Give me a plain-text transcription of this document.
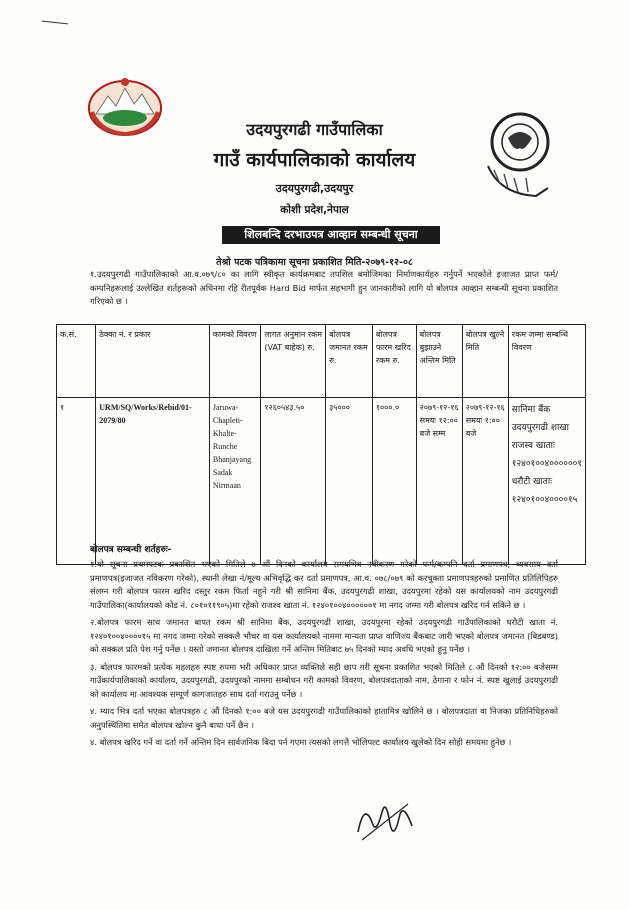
उदयपुरगढी गाउँपालिका
गाउँ कार्यपालिकाको कार्यालय
उदयपुरगढी,उदयपुर
कोशी प्रदेश,नेपाल
शिलबन्दि दरभाउपत्र आव्हान सम्बन्धी सूचना
तेश्रो पटक पत्रिकामा सूचना प्रकाशित मिति-२०७९-१२-०८
१.उदयपुरगढी गाउँपालिकाको आ.व.०७९/८० का लागि स्वीकृत कार्यक्रमबाट तपशिल बमोजिमका निर्माणकार्यहरु गर्नुपर्ने भएकोले इजाजत प्राप्त फर्म/ कम्पनिहरूलाई उल्लेखित शर्तहरूको अधिनमा रहि रीतपूर्वक Hard Bid मार्फत सहभागी हुन जानकारीको लागि यो बोलपत्र आव्हान सम्बन्धी सूचना प्रकाशित गरिएको छ ।
क.सं.	ठेक्का नं. र प्रकार	कामको विवरण	लागत अनुमान रकम (VAT बाहेक) रु.	बोलपत्र जमानत रकम रु.	बोलपत्र फारम खरिद रकम रु.	बोलपत्र बुझाउने अन्तिम मिति	बोलपत्र खुल्ने मिति	रकम जम्मा सम्बन्धि विवरण
१	URM/SQ/Works/Rebid/01-2079/80	Jaruwa-Chapleti-Khalte-Runche Bhanjayang Sadak Nirmaan	१२६०५४३.५०	३५०००	१०००.०	२०७९-१२-१६ समयः १२:०० बजे सम्म	२०७९-१२-१६ समयः १:०० बजे	सानिमा बैंक उदयपुरगढी शाखा राजस्व खाताः १२४०१००४००००००१ धरौटी खाताः १२४०१००४००००१५
बोलपत्र सम्बन्धी शर्तहरुः-

१.यो सूचना प्रथमपटक प्रकाशित भएको मितिले ७ औं दिनको कार्यालय समयभित्र नवीकरण गरेको फर्म/कम्पनि दर्ता प्रमाणपत्र, व्यवसाय दर्ता प्रमाणपत्र(इजाजत नविकरण गरेको), स्थानी लेखा नं/मूल्य अभिवृद्धि कर दर्ता प्रमाणपत्र, आ.व. ०७८/०७९ को करचुक्ता प्रमाणपत्रहरुको प्रमाणित प्रतिलिपिहरु संलग्न गरी बोलपत्र फारम खरिद दस्तुर रकम फिर्ता नहुने गरी श्री सानिमा बैंक, उदयपुरगढी शाखा, उदयपुरमा रहेको यस कार्यालयको नाम उदयपुरगढी गाउँपालिका(कार्यालयको कोड नं. ८०१०११९०५)मा रहेको राजश्व खाता नं. १२४०१००४००००००१ मा नगद जम्मा गरी बोलपत्र खरिद गर्न सकिने छ ।

२.बोलपत्र फारम साथ जमानत बापत रकम श्री सानिमा बैंक, उदयपुरगढी शाखा, उदयपुरमा रहेको उदयपुरगढी गाउँपालिकाको धरौटी खाता नं. १२४०१००४००००१५ मा नगद जम्मा गरेको सक्कलै भौचर वा यस कार्यालयको नाममा मान्यता प्राप्त वाणिज्य बैंकबाट जारी भएको बोलपत्र जमानत (बिडबण्ड) को सक्कल प्रति पेश गर्नु पर्नेछ । यस्तो जमानत बोलपत्र दाखिला गर्ने अन्तिम मितिबाट ७५ दिनको म्याद अवधि भएको हुनु पर्नेछ ।

३. बोलपत्र फारमको प्रत्येक महलहरु स्पष्ट रुपमा भरी अधिकार प्राप्त व्यक्तिले सही छाप गरी सूचना प्रकाशित भएको मितिले ८ औं दिनको १२:०० बजेसम्म गाउँकार्यपालिकाको कार्यालय, उदयपुरगढी, उदयपुरको नाममा सम्बोधन गरी कामको विवरण, बोलपत्रदाताको नाम, ठेगाना र फोन नं. स्पष्ट खुलाई उदयपुरगढी को कार्यालय मा आवश्यक सम्पूर्ण कागजातहरु साथ दर्ता गराउनु पर्नेछ ।

४. म्याद भित्र दर्ता भएका बोलपत्रहरु ८ औं दिनको १:०० बजे यस उदयपुरगढी गाउँपालिकाको हातामित्र खोलिने छ । बोलपत्रदाता वा निजका प्रतिनिधिहरुको अनुपस्थितिमा समेत बोलपत्र खोल्न कुनै बाधा पर्ने छैन ।

४. बोलपत्र खरिद गर्ने वा दर्ता गर्ने अन्तिम दिन सार्वजनिक बिदा पर्न गएमा त्यसको लगत्तै भोलिपल्ट कार्यालय खुलेको दिन सोही समयमा हुनेछ ।
